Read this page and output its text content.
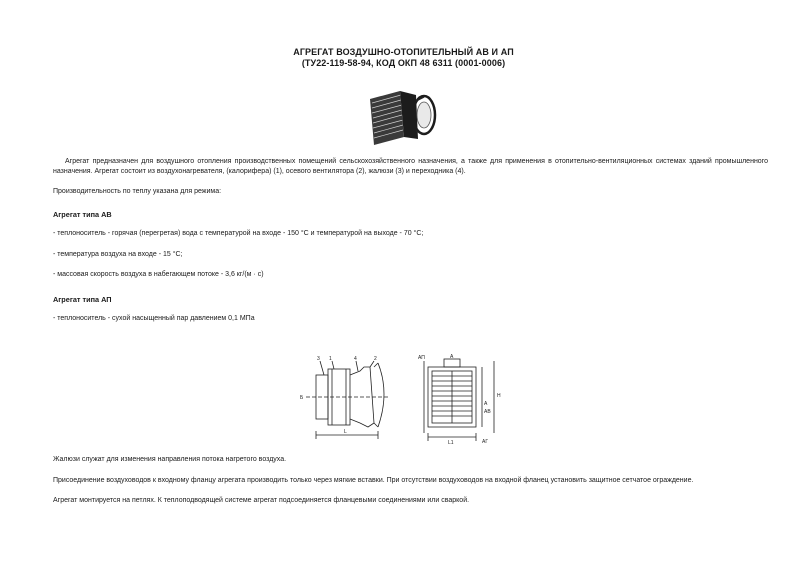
АГРЕГАТ ВОЗДУШНО-ОТОПИТЕЛЬНЫЙ АВ И АП
(ТУ22-119-58-94, КОД ОКП 48 6311 (0001-0006)
Агрегат предназначен для воздушного отопления производственных помещений сельскохозяйственного назначения, а также для применения в отопительно-вентиляционных системах зданий промышленного назначения. Агрегат состоит из воздухонагревателя, (калорифера) (1), осевого вентилятора (2), жалюзи (3) и переходника (4).
Производительность по теплу указана для режима:
Агрегат типа АВ
- теплоноситель - горячая (перегретая) вода с температурой на входе - 150 °С и температурой на выходе - 70 °С;
- температура воздуха на входе - 15 °С;
- массовая скорость воздуха в набегающем потоке - 3,6 кг/(м · с)
Агрегат типа АП
- теплоноситель - сухой насыщенный пар давлением 0,1 МПа
3 1	4	2
Б
L
АП	А
Н
АВ
А
L1	АГ
Жалюзи служат для изменения направления потока нагретого воздуха.
Присоединение воздуховодов к входному фланцу агрегата производить только через мягкие вставки. При отсутствии воздуховодов на входной фланец установить защитное сетчатое ограждение.
Агрегат монтируется на петлях. К теплоподводящей системе агрегат подсоединяется фланцевыми соединениями или сваркой.
